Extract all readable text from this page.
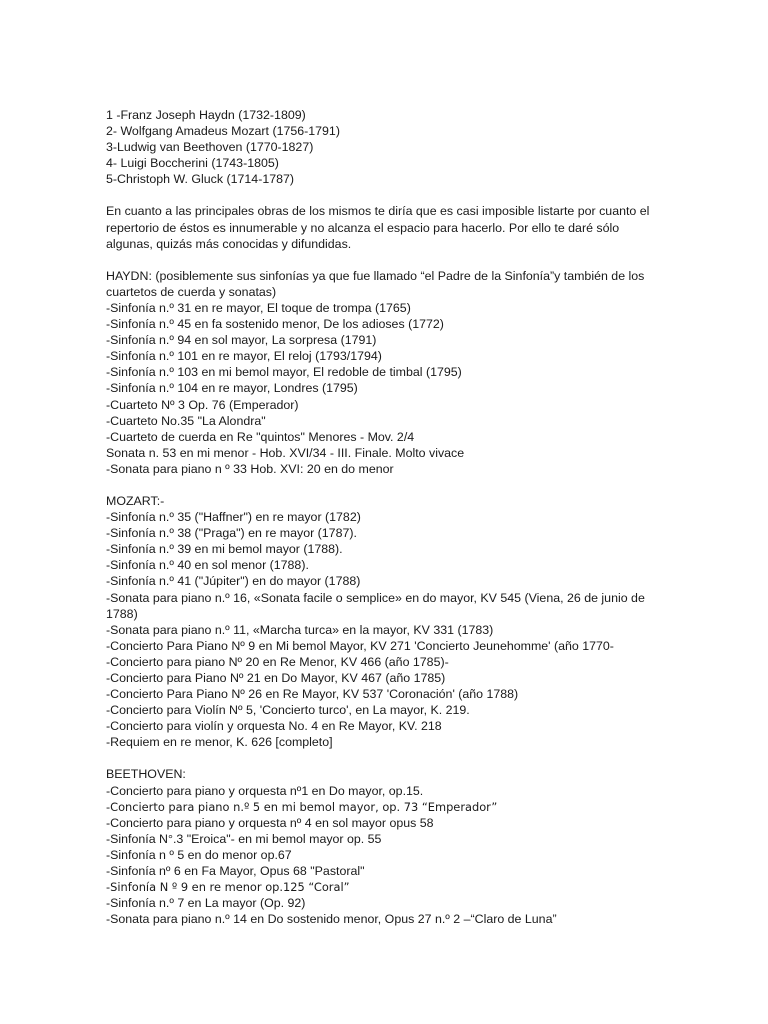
1 -Franz Joseph Haydn (1732-1809)
2- Wolfgang Amadeus Mozart (1756-1791)
3-Ludwig van Beethoven (1770-1827)
4- Luigi Boccherini (1743-1805)
5-Christoph W. Gluck (1714-1787)
En cuanto a las principales obras de los mismos te diría que es casi imposible listarte por cuanto el repertorio de éstos es innumerable y no alcanza el espacio para hacerlo. Por ello te daré sólo algunas, quizás más conocidas y difundidas.
HAYDN: (posiblemente sus sinfonías ya que fue llamado “el Padre de la Sinfonía”y también de los cuartetos de cuerda y sonatas)
-Sinfonía n.º 31 en re mayor, El toque de trompa (1765)
-Sinfonía n.º 45 en fa sostenido menor, De los adioses (1772)
-Sinfonía n.º 94 en sol mayor, La sorpresa (1791)
-Sinfonía n.º 101 en re mayor, El reloj (1793/1794)
-Sinfonía n.º 103 en mi bemol mayor, El redoble de timbal (1795)
-Sinfonía n.º 104 en re mayor, Londres (1795)
-Cuarteto Nº 3 Op. 76 (Emperador)
-Cuarteto No.35 "La Alondra"
-Cuarteto de cuerda en Re "quintos" Menores - Mov. 2/4
Sonata n. 53 en mi menor - Hob. XVI/34 - III. Finale. Molto vivace
-Sonata para piano n º 33 Hob. XVI: 20 en do menor
MOZART:-
-Sinfonía n.º 35 ("Haffner") en re mayor (1782)
-Sinfonía n.º 38 ("Praga") en re mayor (1787).
-Sinfonía n.º 39 en mi bemol mayor (1788).
-Sinfonía n.º 40 en sol menor (1788).
-Sinfonía n.º 41 ("Júpiter") en do mayor (1788)
-Sonata para piano n.º 16, «Sonata facile o semplice» en do mayor, KV 545 (Viena, 26 de junio de 1788)
-Sonata para piano n.º 11, «Marcha turca» en la mayor, KV 331 (1783)
-Concierto Para Piano Nº 9 en Mi bemol Mayor, KV 271 'Concierto Jeunehomme' (año 1770-
-Concierto para piano Nº 20 en Re Menor, KV 466 (año 1785)-
-Concierto para Piano Nº 21 en Do Mayor, KV 467 (año 1785)
-Concierto Para Piano Nº 26 en Re Mayor, KV 537 'Coronación' (año 1788)
-Concierto para Violín Nº 5, 'Concierto turco', en La mayor, K. 219.
-Concierto para violín y orquesta No. 4 en Re Mayor, KV. 218
-Requiem en re menor, K. 626 [completo]
BEETHOVEN:
-Concierto para piano y orquesta nº1 en Do mayor, op.15.
-Concierto para piano n.º 5 en mi bemol mayor, op. 73 “Emperador”
-Concierto para piano y orquesta nº 4 en sol mayor opus 58
-Sinfonía N°.3 "Eroica"- en mi bemol mayor op. 55
-Sinfonía n º 5 en do menor op.67
-Sinfonía nº 6 en Fa Mayor, Opus 68 "Pastoral"
-Sinfonía N º 9 en re menor op.125 “Coral”
-Sinfonía n.º 7 en La mayor (Op. 92)
-Sonata para piano n.º 14 en Do sostenido menor, Opus 27 n.º 2 –“Claro de Luna”
